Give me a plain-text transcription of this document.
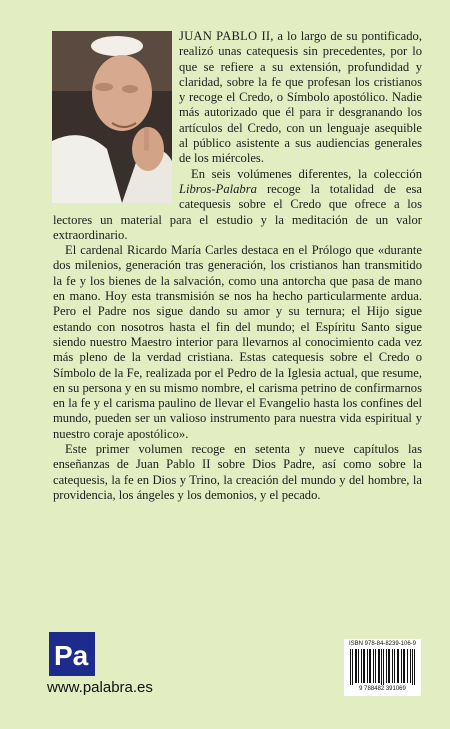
JUAN PABLO II, a lo largo de su pontificado, realizó unas catequesis sin precedentes, por lo que se refiere a su extensión, profundidad y claridad, sobre la fe que profesan los cristianos y recoge el Credo, o Símbolo apostólico. Nadie más autorizado que él para ir desgranando los artículos del Credo, con un lenguaje asequible al público asistente a sus audiencias generales de los miércoles.

En seis volúmenes diferentes, la colección Libros-Palabra recoge la totalidad de esa catequesis sobre el Credo que ofrece a los lectores un material para el estudio y la meditación de un valor extraordinario.

El cardenal Ricardo María Carles destaca en el Prólogo que «durante dos milenios, generación tras generación, los cristianos han transmitido la fe y los bienes de la salvación, como una antorcha que pasa de mano en mano. Hoy esta transmisión se nos ha hecho particularmente ardua. Pero el Padre nos sigue dando su amor y su ternura; el Hijo sigue estando con nosotros hasta el fin del mundo; el Espíritu Santo sigue siendo nuestro Maestro interior para llevarnos al conocimiento cada vez más pleno de la verdad cristiana. Estas catequesis sobre el Credo o Símbolo de la Fe, realizada por el Pedro de la Iglesia actual, que resume, en su persona y en su mismo nombre, el carisma petrino de confirmarnos en la fe y el carisma paulino de llevar el Evangelio hasta los confines del mundo, pueden ser un valioso instrumento para nuestra vida espiritual y nuestro coraje apostólico».

Este primer volumen recoge en setenta y nueve capítulos las enseñanzas de Juan Pablo II sobre Dios Padre, así como sobre la catequesis, la fe en Dios y Trino, la creación del mundo y del hombre, la providencia, los ángeles y los demonios, y el pecado.

Pa
www.palabra.es
ISBN 978-84-8239-106-9
9 788482 391069
